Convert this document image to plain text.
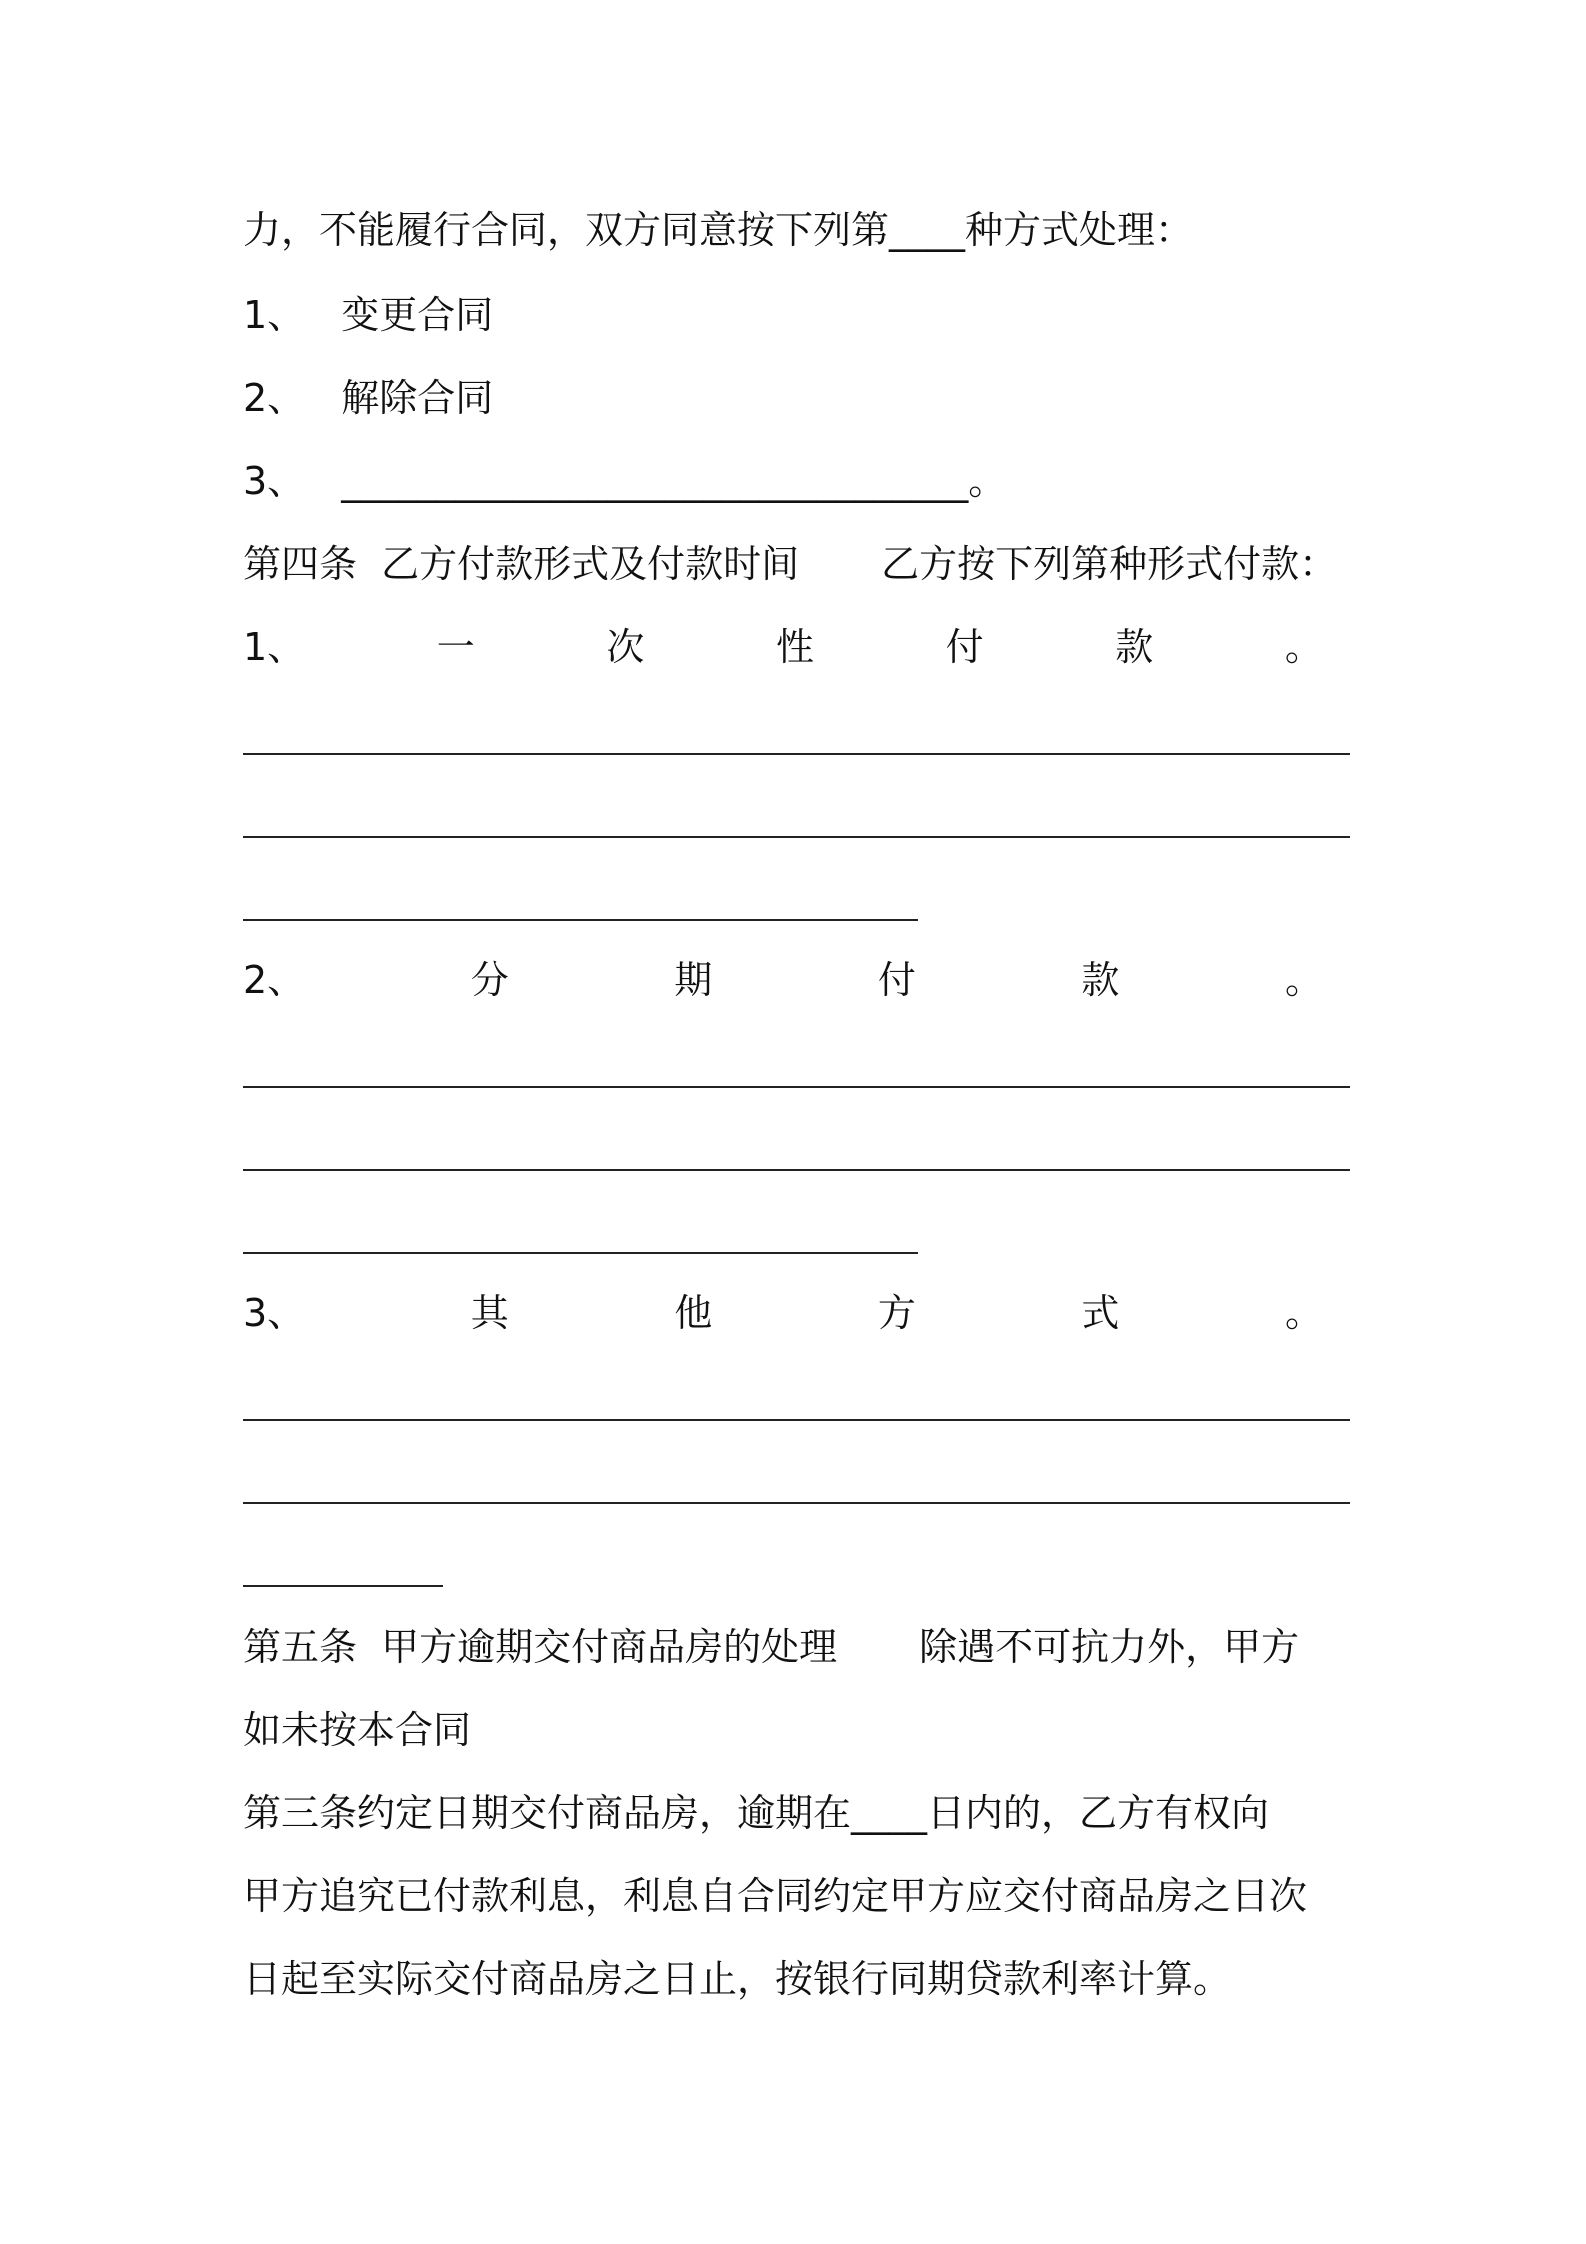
力，不能履行合同，双方同意按下列第____种方式处理：

1、 变更合同

2、 解除合同

3、 _________________________________。

第四条  乙方付款形式及付款时间 乙方按下列第种形式付款：

1、	一	次	性	付	款	。
2、	分	期	付	款	。
3、	其	他	方	式	。

第五条  甲方逾期交付商品房的处理 除遇不可抗力外，甲方

如未按本合同

第三条约定日期交付商品房，逾期在____日内的，乙方有权向

甲方追究已付款利息，利息自合同约定甲方应交付商品房之日次

日起至实际交付商品房之日止，按银行同期贷款利率计算。
